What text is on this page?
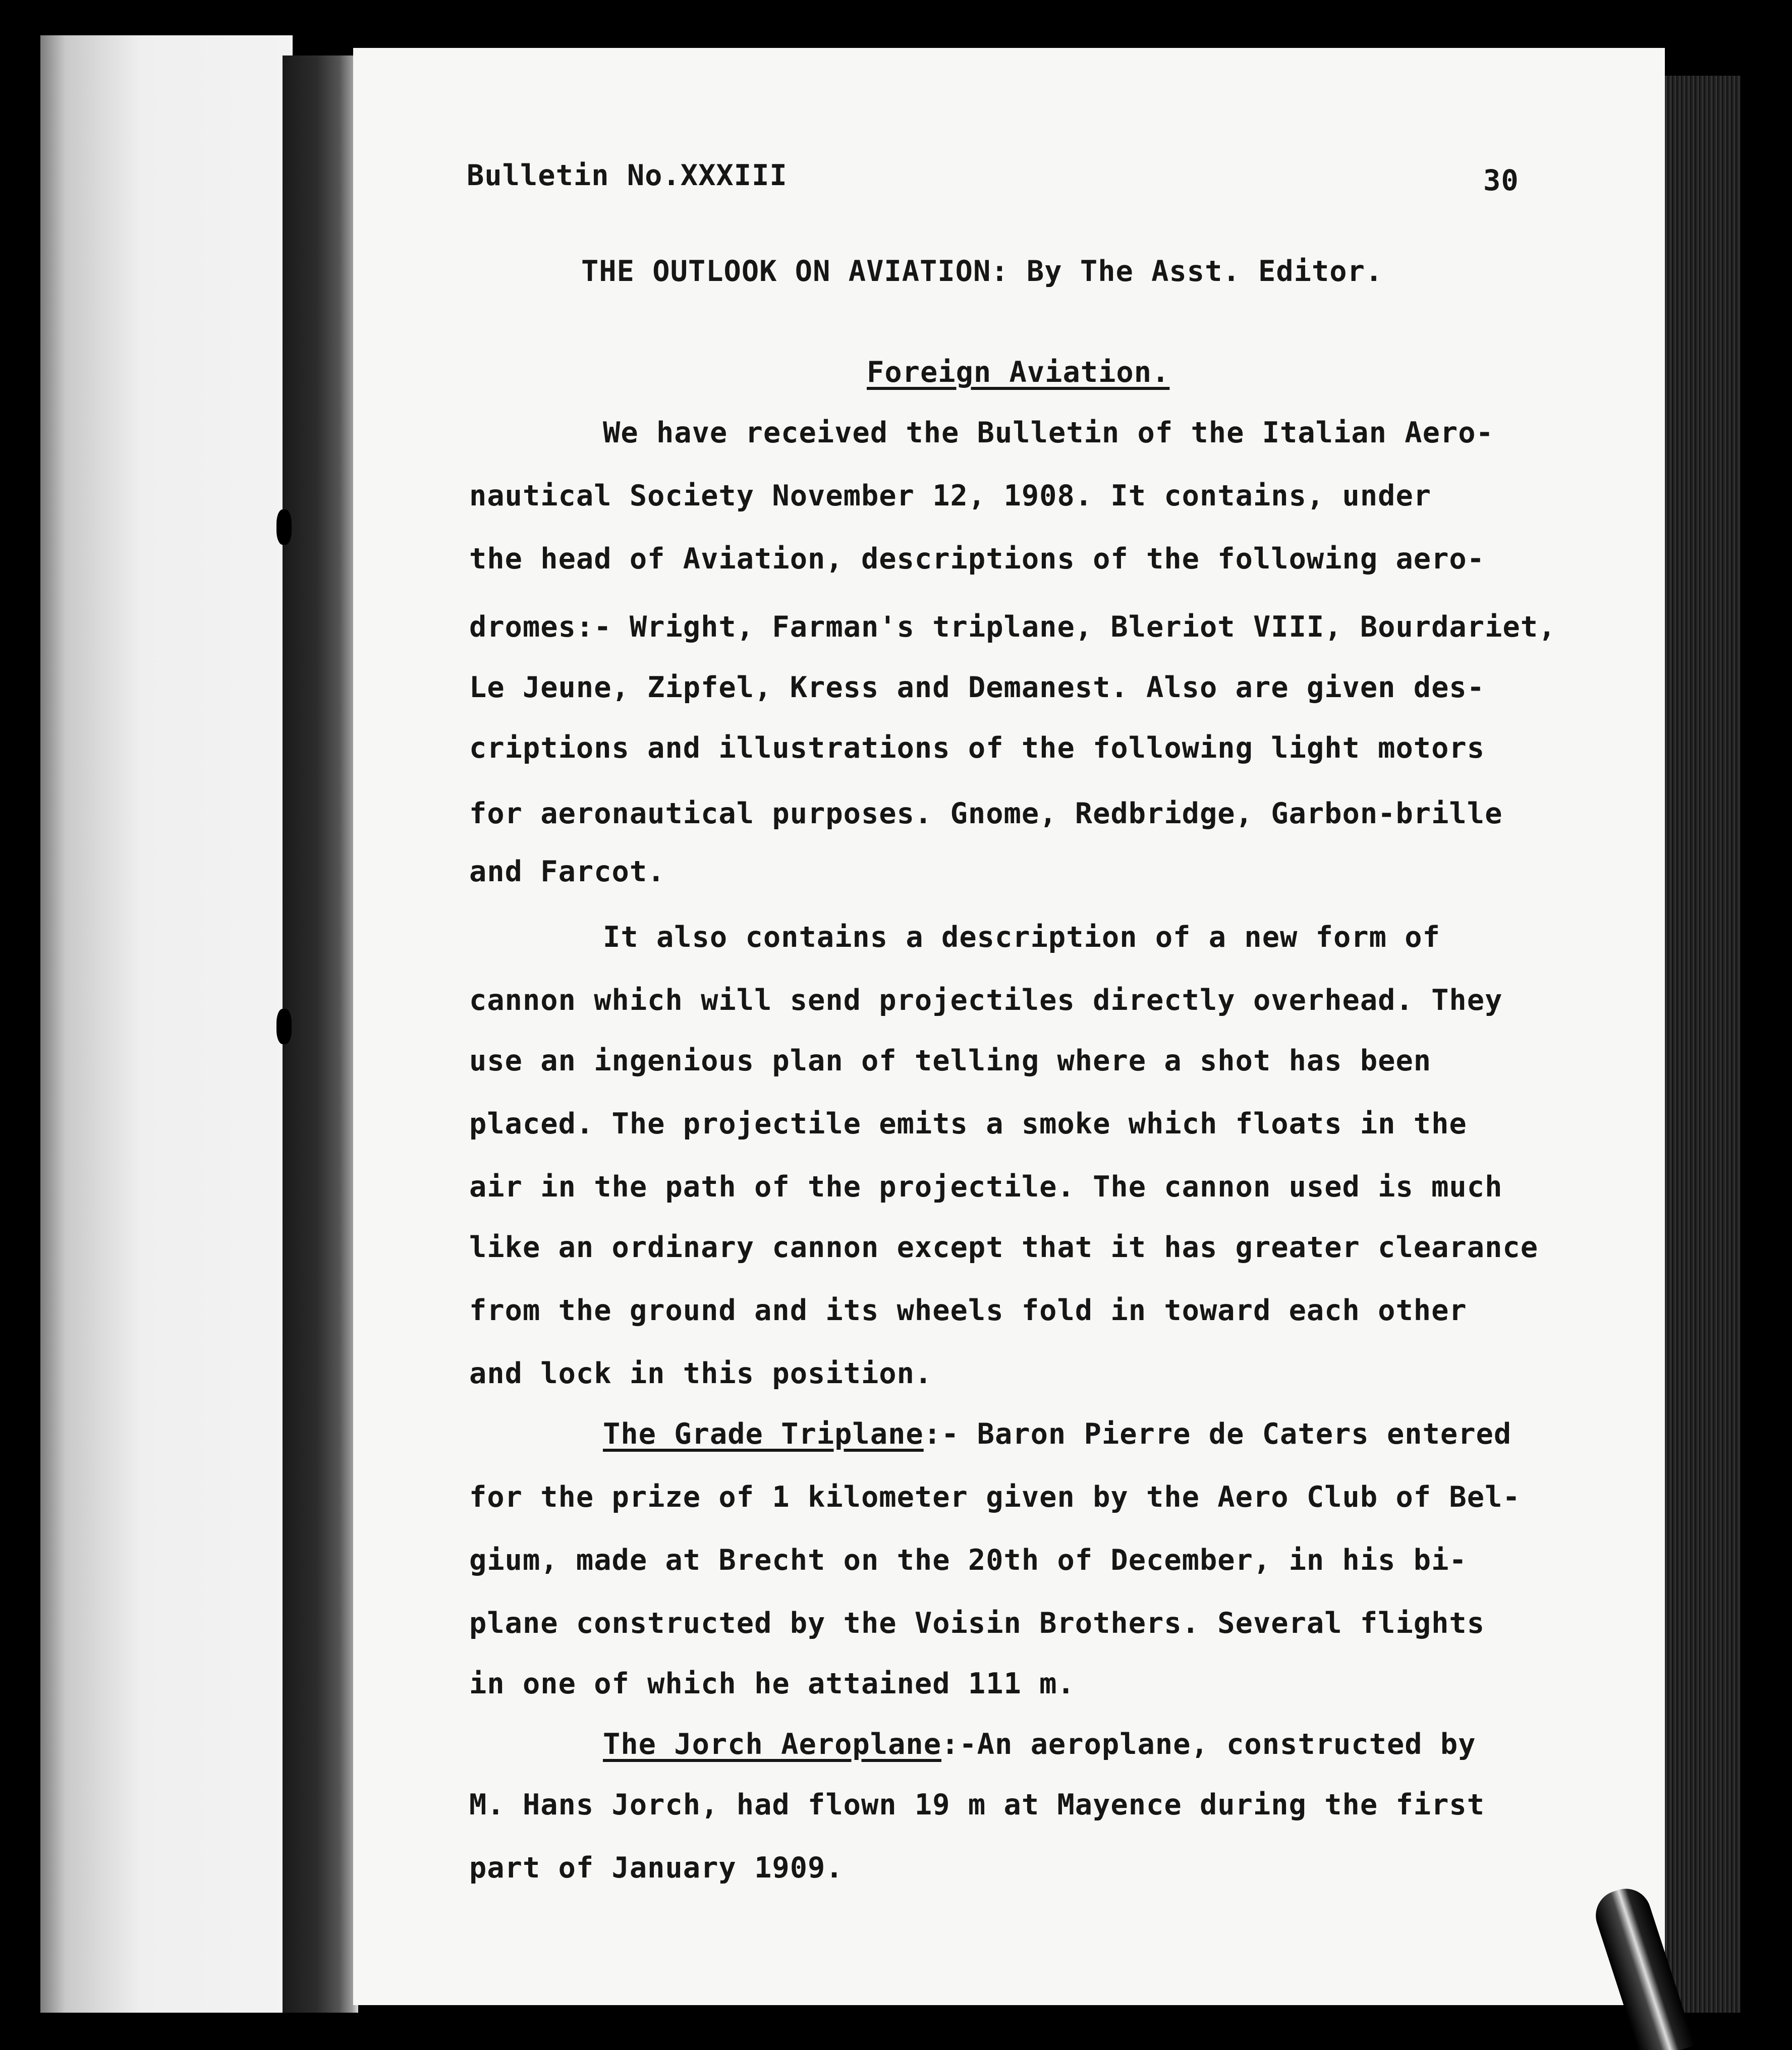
Bulletin No.XXXIII	30
THE OUTLOOK ON AVIATION: By The Asst. Editor.
Foreign Aviation.
We have received the Bulletin of the Italian Aero-
nautical Society November 12, 1908. It contains, under
the head of Aviation, descriptions of the following aero-
dromes:- Wright, Farman's triplane, Bleriot VIII, Bourdariet,
Le Jeune, Zipfel, Kress and Demanest. Also are given des-
criptions and illustrations of the following light motors
for aeronautical purposes. Gnome, Redbridge, Garbon-brille
and Farcot.
It also contains a description of a new form of
cannon which will send projectiles directly overhead. They
use an ingenious plan of telling where a shot has been
placed. The projectile emits a smoke which floats in the
air in the path of the projectile. The cannon used is much
like an ordinary cannon except that it has greater clearance
from the ground and its wheels fold in toward each other
and lock in this position.
The Grade Triplane:- Baron Pierre de Caters entered
for the prize of 1 kilometer given by the Aero Club of Bel-
gium, made at Brecht on the 20th of December, in his bi-
plane constructed by the Voisin Brothers. Several flights
in one of which he attained 111 m.
The Jorch Aeroplane:-An aeroplane, constructed by
M. Hans Jorch, had flown 19 m at Mayence during the first
part of January 1909.
